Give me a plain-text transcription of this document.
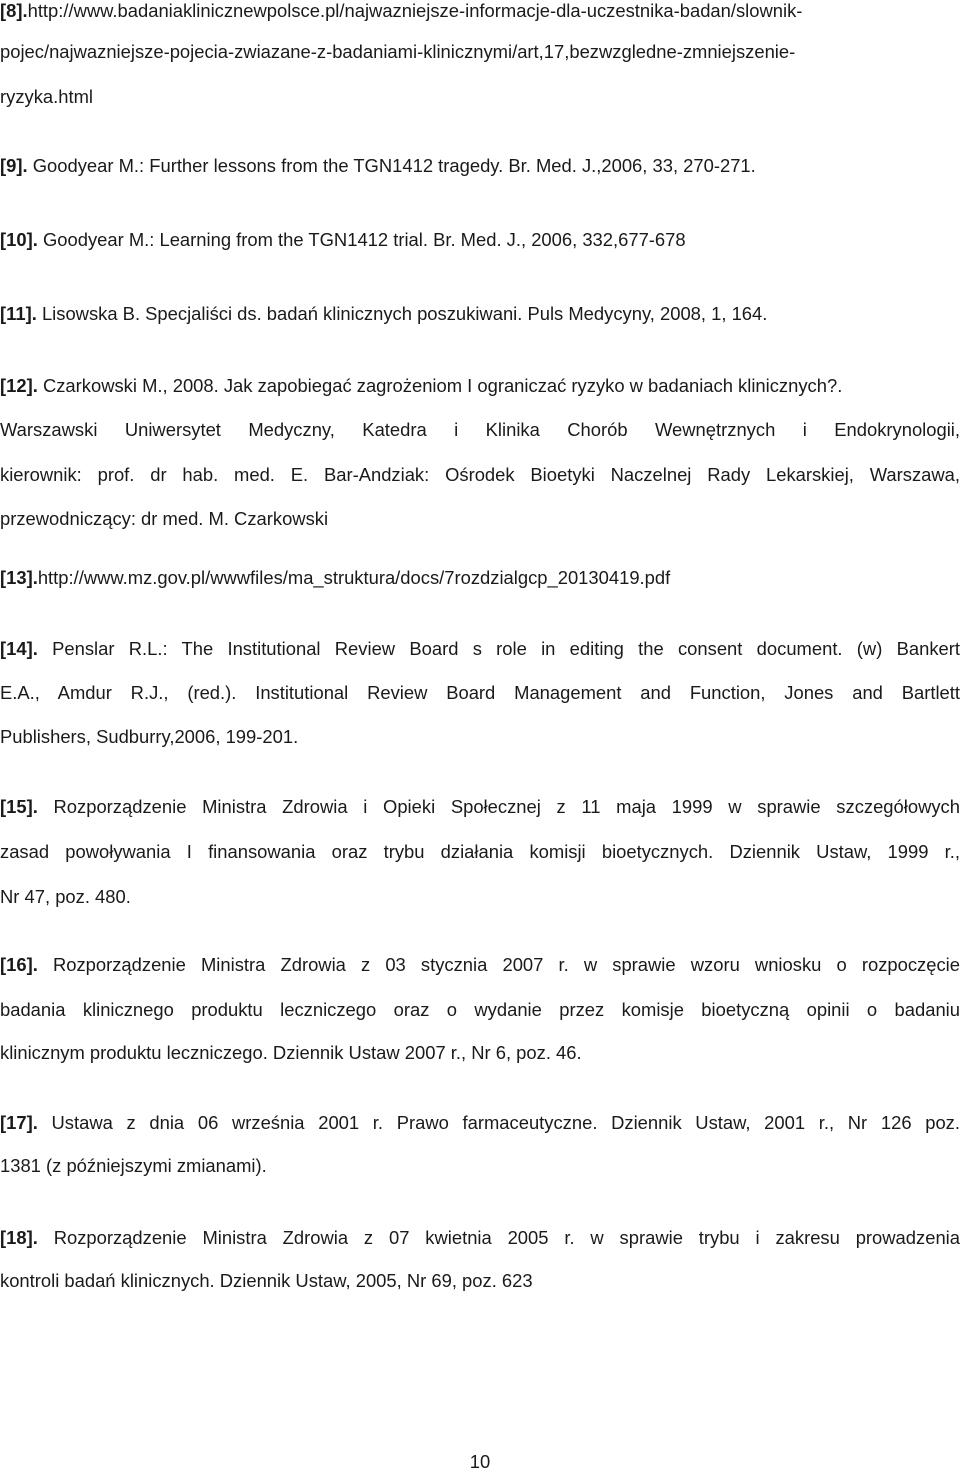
[8].http://www.badaniaklinicznewpolsce.pl/najwazniejsze-informacje-dla-uczestnika-badan/slownik-
pojec/najwazniejsze-pojecia-zwiazane-z-badaniami-klinicznymi/art,17,bezwzgledne-zmniejszenie-
ryzyka.html
[9]. Goodyear M.: Further lessons from the TGN1412 tragedy. Br. Med. J.,2006, 33, 270-271.
[10]. Goodyear M.: Learning from the TGN1412 trial. Br. Med. J., 2006, 332,677-678
[11]. Lisowska B. Specjaliści ds. badań klinicznych poszukiwani. Puls Medycyny, 2008, 1, 164.
[12]. Czarkowski M., 2008. Jak zapobiegać zagrożeniom I ograniczać ryzyko w badaniach klinicznych?.
Warszawski Uniwersytet Medyczny, Katedra i Klinika Chorób Wewnętrznych i Endokrynologii,
kierownik: prof. dr hab. med. E. Bar-Andziak: Ośrodek Bioetyki Naczelnej Rady Lekarskiej, Warszawa,
przewodniczący: dr med. M. Czarkowski
[13].http://www.mz.gov.pl/wwwfiles/ma_struktura/docs/7rozdzialgcp_20130419.pdf
[14]. Penslar R.L.: The Institutional Review Board s role in editing the consent document. (w) Bankert
E.A., Amdur R.J., (red.). Institutional Review Board Management and Function, Jones and Bartlett
Publishers, Sudburry,2006, 199-201.
[15]. Rozporządzenie Ministra Zdrowia i Opieki Społecznej z 11 maja 1999 w sprawie szczegółowych
zasad powoływania I finansowania oraz trybu działania komisji bioetycznych. Dziennik Ustaw, 1999 r.,
Nr 47, poz. 480.
[16]. Rozporządzenie Ministra Zdrowia z 03 stycznia 2007 r. w sprawie wzoru wniosku o rozpoczęcie
badania klinicznego produktu leczniczego oraz o wydanie przez komisje bioetyczną opinii o badaniu
klinicznym produktu leczniczego. Dziennik Ustaw 2007 r., Nr 6, poz. 46.
[17]. Ustawa z dnia 06 września 2001 r. Prawo farmaceutyczne. Dziennik Ustaw, 2001 r., Nr 126 poz.
1381 (z późniejszymi zmianami).
[18]. Rozporządzenie Ministra Zdrowia z 07 kwietnia 2005 r. w sprawie trybu i zakresu prowadzenia
kontroli badań klinicznych. Dziennik Ustaw, 2005, Nr 69, poz. 623
10
